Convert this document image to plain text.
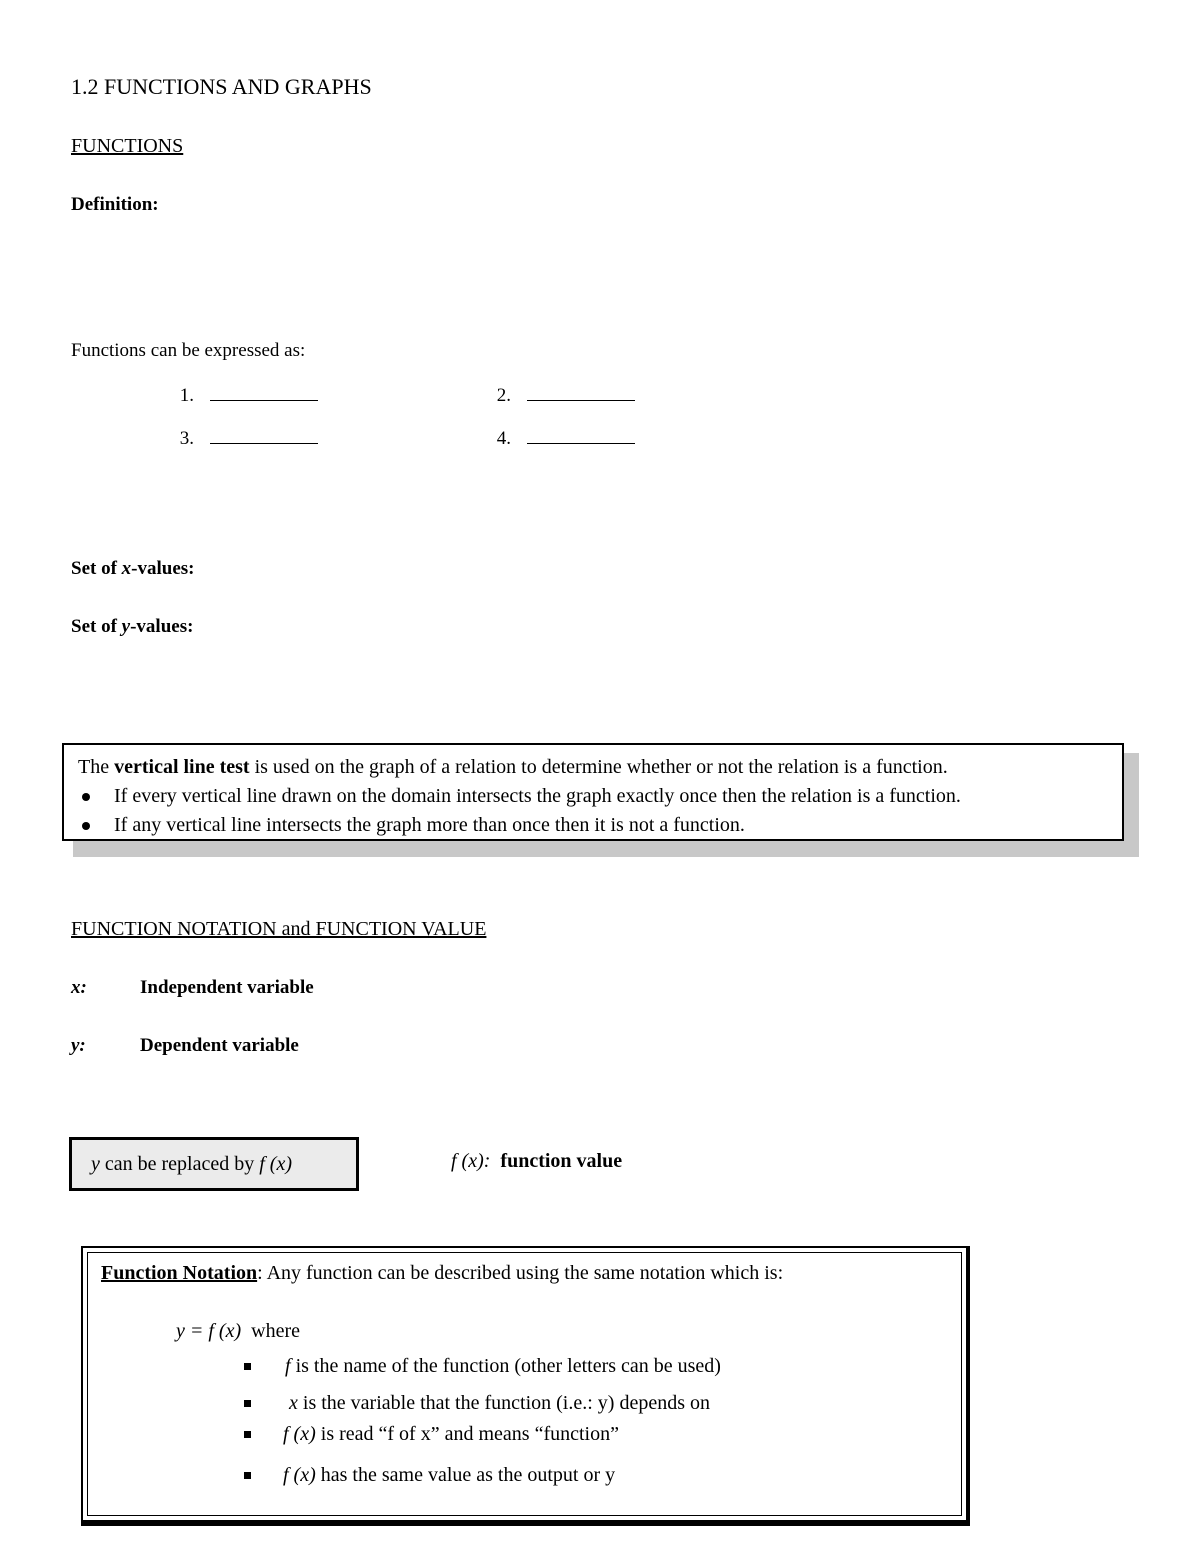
1.2 FUNCTIONS AND GRAPHS
FUNCTIONS
Definition:
Functions can be expressed as:
1.	2.
3.	4.
Set of x-values:
Set of y-values:
The vertical line test is used on the graph of a relation to determine whether or not the relation is a function.
If every vertical line drawn on the domain intersects the graph exactly once then the relation is a function.
If any vertical line intersects the graph more than once then it is not a function.
FUNCTION NOTATION and FUNCTION VALUE
x:	Independent variable
y:	Dependent variable
y can be replaced by f (x)	f (x): function value
Function Notation: Any function can be described using the same notation which is:
y = f (x) where
f is the name of the function (other letters can be used)
x is the variable that the function (i.e.: y) depends on
f (x) is read “f of x” and means “function”
f (x) has the same value as the output or y
